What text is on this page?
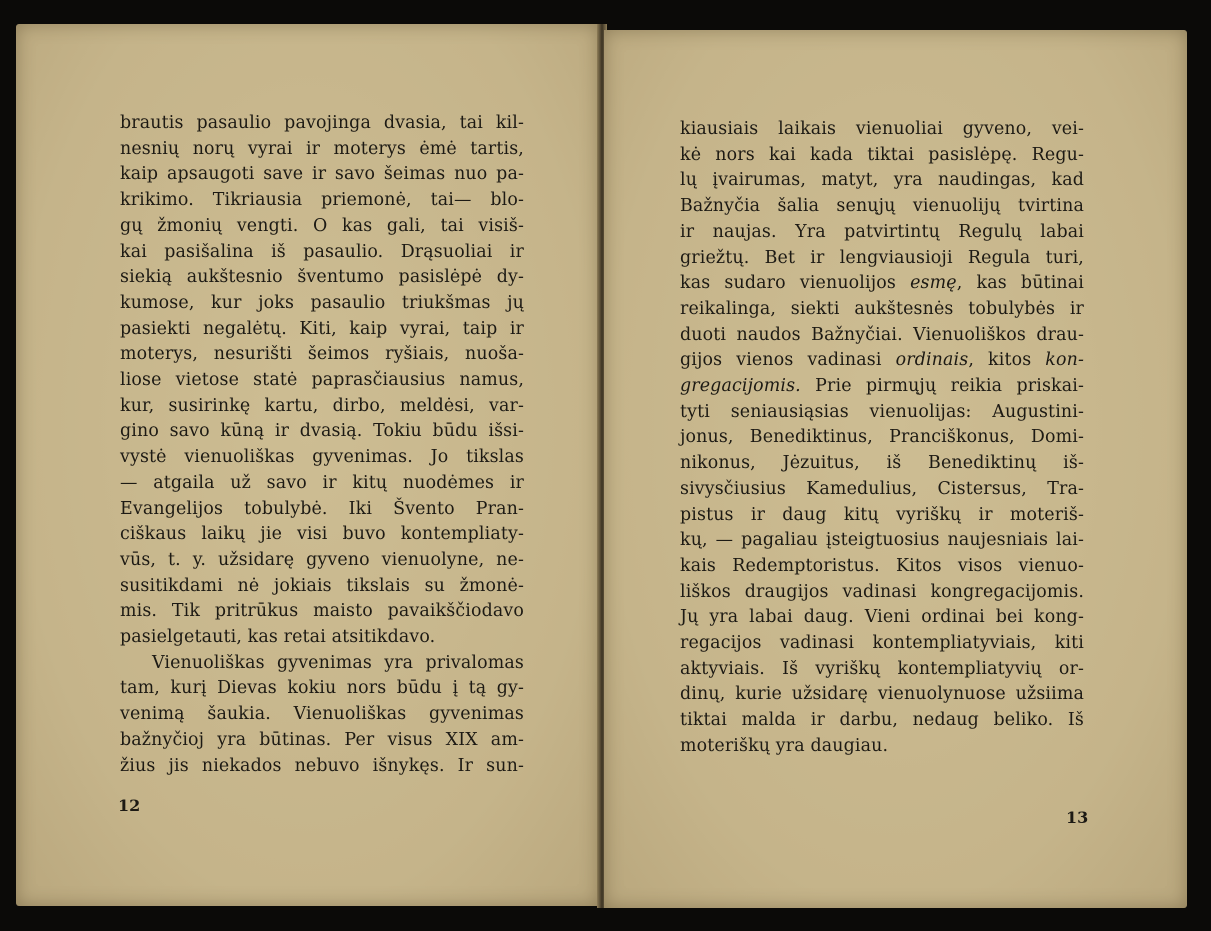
brautis pasaulio pavojinga dvasia, tai kil-
nesnių norų vyrai ir moterys ėmė tartis,
kaip apsaugoti save ir savo šeimas nuo pa-
krikimo. Tikriausia priemonė, tai— blo-
gų žmonių vengti. O kas gali, tai visiš-
kai pasišalina iš pasaulio. Drąsuoliai ir
siekią aukštesnio šventumo pasislėpė dy-
kumose, kur joks pasaulio triukšmas jų
pasiekti negalėtų. Kiti, kaip vyrai, taip ir
moterys, nesurišti šeimos ryšiais, nuoša-
liose vietose statė paprasčiausius namus,
kur, susirinkę kartu, dirbo, meldėsi, var-
gino savo kūną ir dvasią. Tokiu būdu išsi-
vystė vienuoliškas gyvenimas. Jo tikslas
— atgaila už savo ir kitų nuodėmes ir
Evangelijos tobulybė. Iki Švento Pran-
ciškaus laikų jie visi buvo kontempliaty-
vūs, t. y. užsidarę gyveno vienuolyne, ne-
susitikdami nė jokiais tikslais su žmonė-
mis. Tik pritrūkus maisto pavaikščiodavo
pasielgetauti, kas retai atsitikdavo.
Vienuoliškas gyvenimas yra privalomas
tam, kurį Dievas kokiu nors būdu į tą gy-
venimą šaukia. Vienuoliškas gyvenimas
bažnyčioj yra būtinas. Per visus XIX am-
žius jis niekados nebuvo išnykęs. Ir sun-
12
kiausiais laikais vienuoliai gyveno, vei-
kė nors kai kada tiktai pasislėpę. Regu-
lų įvairumas, matyt, yra naudingas, kad
Bažnyčia šalia senųjų vienuolijų tvirtina
ir naujas. Yra patvirtintų Regulų labai
griežtų. Bet ir lengviausioji Regula turi,
kas sudaro vienuolijos esmę, kas būtinai
reikalinga, siekti aukštesnės tobulybės ir
duoti naudos Bažnyčiai. Vienuoliškos drau-
gijos vienos vadinasi ordinais, kitos kon-
gregacijomis. Prie pirmųjų reikia priskai-
tyti seniausiąsias vienuolijas: Augustini-
jonus, Benediktinus, Pranciškonus, Domi-
nikonus, Jėzuitus, iš Benediktinų iš-
sivysčiusius Kamedulius, Cistersus, Tra-
pistus ir daug kitų vyriškų ir moteriš-
kų, — pagaliau įsteigtuosius naujesniais lai-
kais Redemptoristus. Kitos visos vienuo-
liškos draugijos vadinasi kongregacijomis.
Jų yra labai daug. Vieni ordinai bei kong-
regacijos vadinasi kontempliatyviais, kiti
aktyviais. Iš vyriškų kontempliatyvių or-
dinų, kurie užsidarę vienuolynuose užsiima
tiktai malda ir darbu, nedaug beliko. Iš
moteriškų yra daugiau.
13
